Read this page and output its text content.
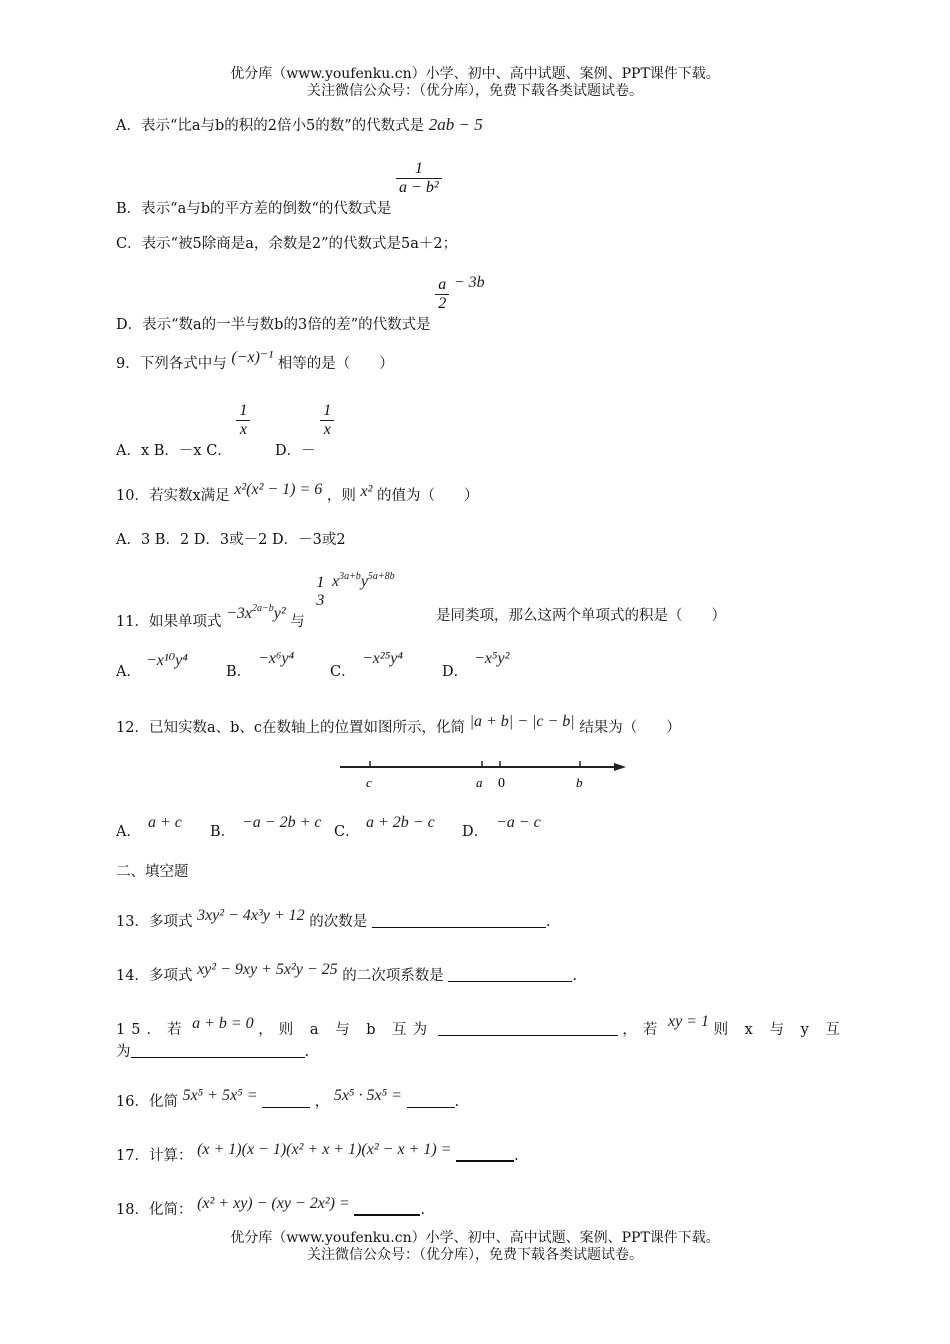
优分库（www.youfenku.cn）小学、初中、高中试题、案例、PPT课件下载。
关注微信公众号：（优分库），免费下载各类试题试卷。
A．表示“比a与b的积的2倍小5的数”的代数式是 2ab − 5
B．表示“a与b的平方差的倒数“的代数式是
$\frac{1}{\text{a − b²}}$
C．表示“被5除商是a，余数是2”的代数式是5a＋2；
D．表示“数a的一半与数b的3倍的差”的代数式是
$\frac{a}{2} - 3b$
9．下列各式中与 (−x)⁻¹ 相等的是（　　）
A．x B．－x C．
$\frac{1}{x}$
D．－
$\frac{1}{x}$
10．若实数x满足 x²(x² − 1) = 6 ，则 x² 的值为（　　）
A．3 B．2 D．3或－2 D．－3或2
11．如果单项式 $-3x^{2a-b}y^2$ 与
1
3
$x^{3a+b}y^{5a+8b}$
是同类项，那么这两个单项式的积是（　　）
A．
−x¹⁰y⁴
B．
−x⁶y⁴
C．
−x²⁵y⁴
D．
−x⁵y²
12．已知实数a、b、c在数轴上的位置如图所示，化简 |a + b| − |c − b| 结果为（　　）
c	a 0	b
A．
a + c
B．
−a − 2b + c
C．
a + 2b − c
D．
−a − c
二、填空题
13．多项式 3xy² − 4x³y + 12 的次数是	.
14．多项式 xy² − 9xy + 5x²y − 25 的二次项系数是	.
15．若 a + b = 0 ，则 a 与 b 互为	，若 xy = 1 则 x 与 y 互
为	.
16．化简 5x⁵ + 5x⁵ =	， 5x⁵ · 5x⁵ =	.
17．计算： (x + 1)(x − 1)(x² + x + 1)(x² − x + 1) =	.
18．化简： (x² + xy) − (xy − 2x²) =	.
优分库（www.youfenku.cn）小学、初中、高中试题、案例、PPT课件下载。
关注微信公众号：（优分库），免费下载各类试题试卷。
